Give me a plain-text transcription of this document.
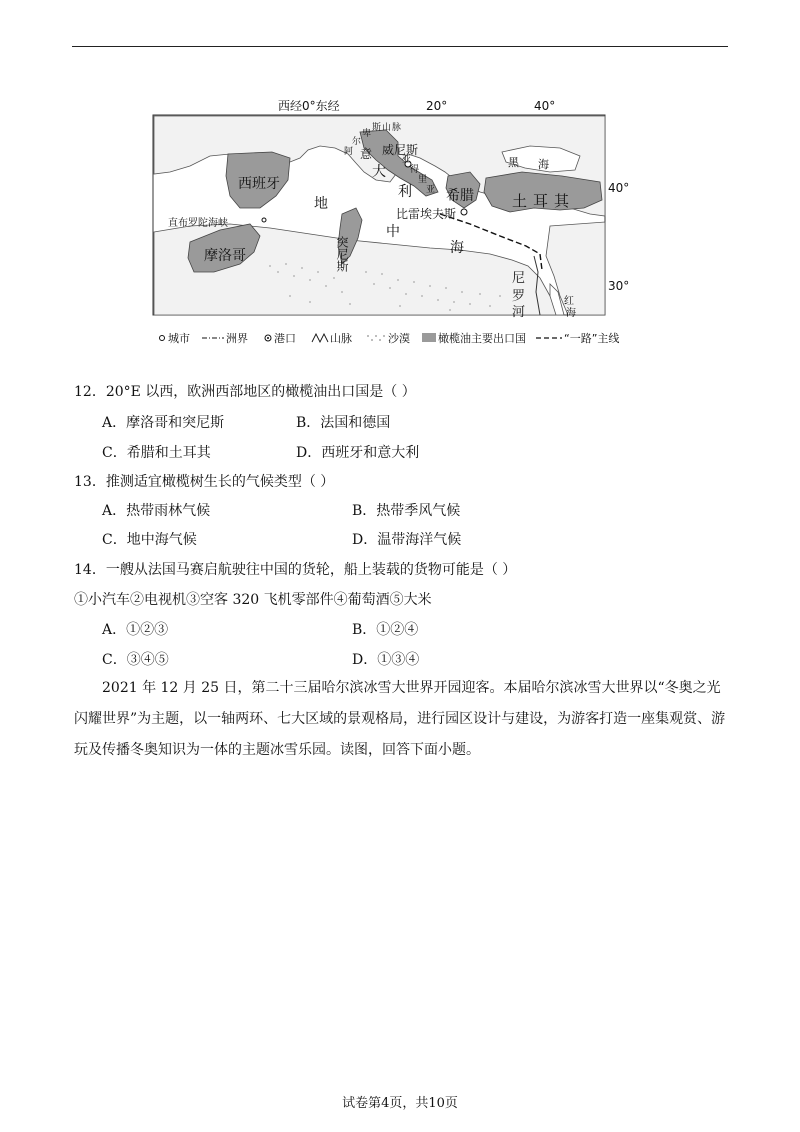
西经0°东经	20°	40°
40°
30°
西班牙
摩洛哥	突尼斯
土耳其
希腊
大
利
直布罗陀海峡
比雷埃夫斯
威尼斯
意
阿
尔
卑
斯 山 脉
亚
得
里
亚
黑 海
地
中
海
尼
罗
河
红
海
城市	洲界 港口	山脉	沙漠	橄榄油主要出口国	“一路”主线
12．20°E 以西，欧洲西部地区的橄榄油出口国是（ ）
A．摩洛哥和突尼斯	B．法国和德国
C．希腊和土耳其	D．西班牙和意大利
13．推测适宜橄榄树生长的气候类型（ ）
A．热带雨林气候	B．热带季风气候
C．地中海气候	D．温带海洋气候
14．一艘从法国马赛启航驶往中国的货轮，船上装载的货物可能是（ ）
①小汽车②电视机③空客 320 飞机零部件④葡萄酒⑤大米
A．①②③	B．①②④
C．③④⑤	D．①③④
2021 年 12 月 25 日，第二十三届哈尔滨冰雪大世界开园迎客。本届哈尔滨冰雪大世界以“冬奥之光闪耀世界”为主题，以一轴两环、七大区域的景观格局，进行园区设计与建设，为游客打造一座集观赏、游玩及传播冬奥知识为一体的主题冰雪乐园。读图，回答下面小题。
试卷第4页，共10页
